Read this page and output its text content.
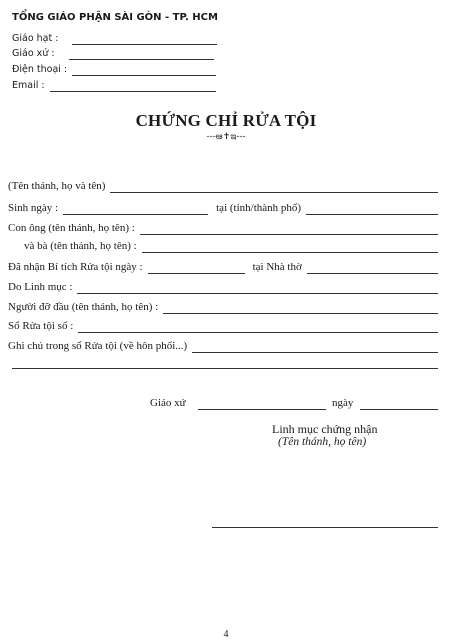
TỔNG GIÁO PHẬN SÀI GÒN - TP. HCM
Giáo hạt :
Giáo xứ :
Điện thoại :
Email :
CHỨNG CHỈ RỬA TỘI
---ఆ✝ఇ---
(Tên thánh, họ và tên)
Sinh ngày :	tại (tỉnh/thành phố)
Con ông (tên thánh, họ tên) :
và bà (tên thánh, họ tên) :
Đã nhận Bí tích Rửa tội ngày :	tại Nhà thờ
Do Linh mục :
Người đỡ đầu (tên thánh, họ tên) :
Sổ Rửa tội số :
Ghi chú trong sổ Rửa tội (về hôn phối...)
Giáo xứ	ngày
Linh mục chứng nhận
(Tên thánh, họ tên)
4
